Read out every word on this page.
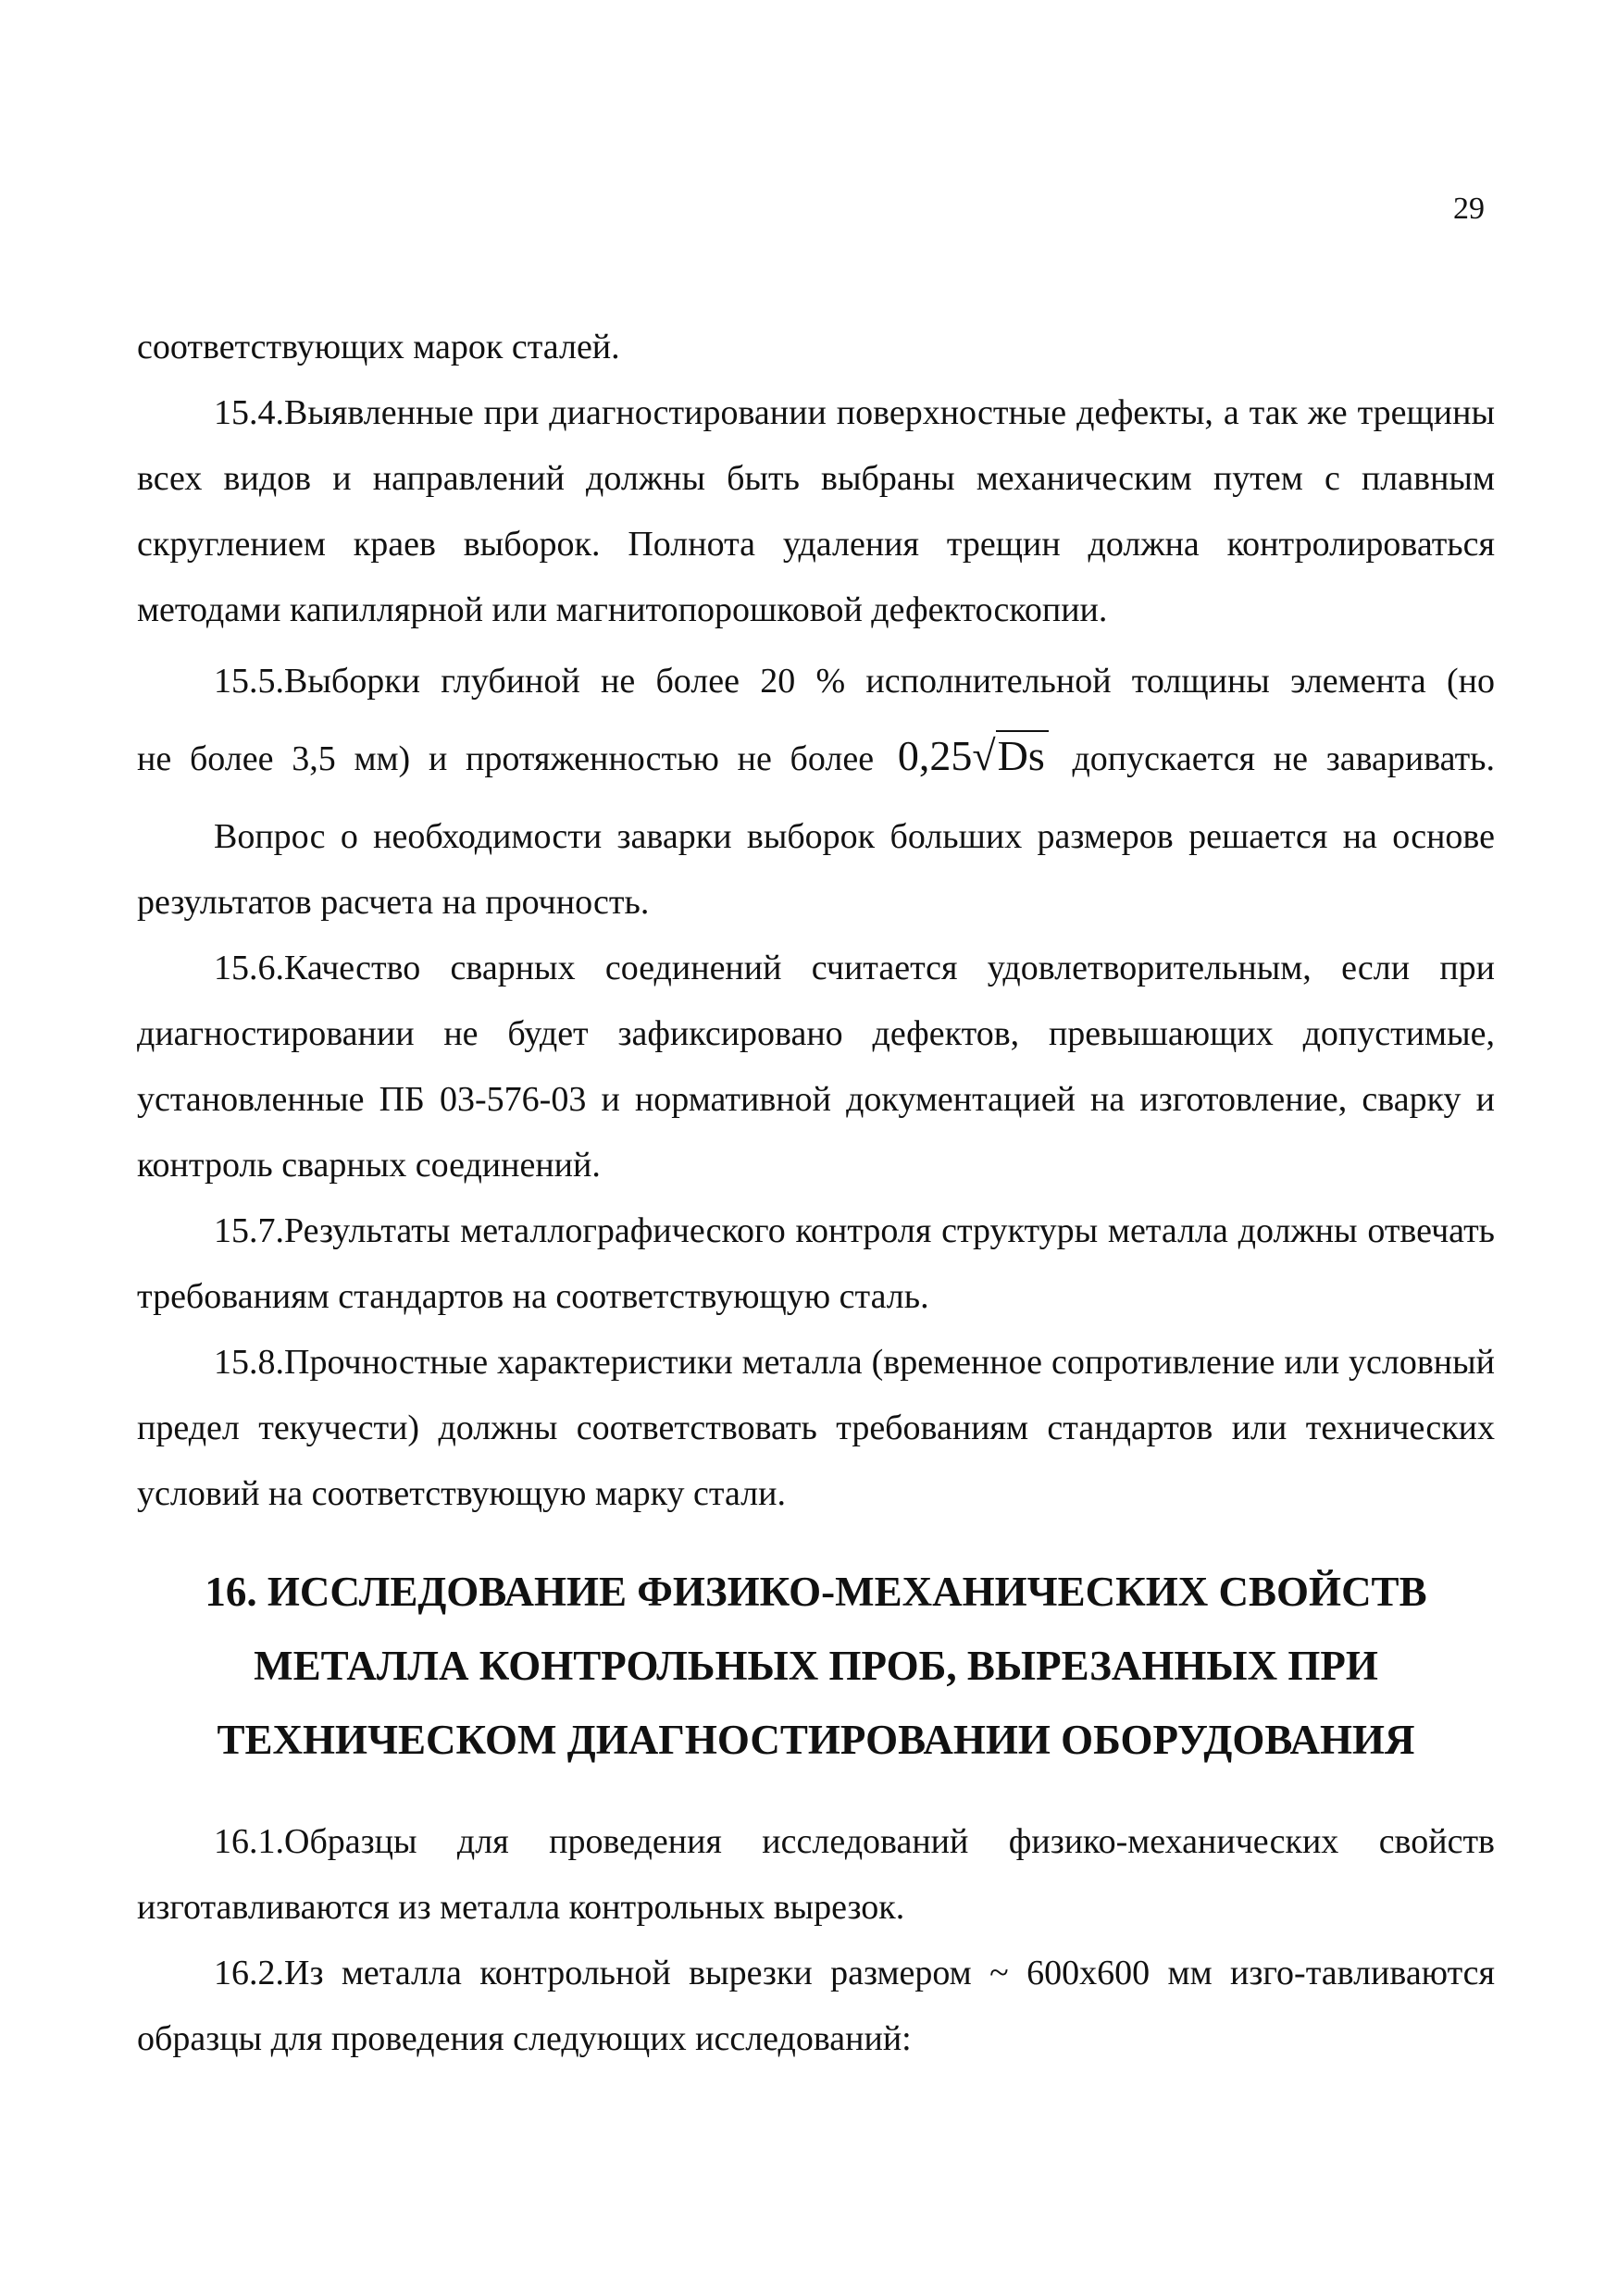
29

соответствующих марок сталей.

15.4.Выявленные при диагностировании поверхностные дефекты, а так же трещины всех видов и направлений должны быть выбраны механическим путем с плавным скруглением краев выборок. Полнота удаления трещин должна контролироваться методами капиллярной или магнитопорошковой дефектоскопии.

15.5.Выборки глубиной не более 20 % исполнительной толщины элемента (но
не более 3,5 мм) и протяженностью не более 0,25√Ds допускается не заваривать.

Вопрос о необходимости заварки выборок больших размеров решается на основе результатов расчета на прочность.

15.6.Качество сварных соединений считается удовлетворительным, если при диагностировании не будет зафиксировано дефектов, превышающих допустимые, установленные ПБ 03-576-03 и нормативной документацией на изготовление, сварку и контроль сварных соединений.

15.7.Результаты металлографического контроля структуры металла должны отвечать требованиям стандартов на соответствующую сталь.

15.8.Прочностные характеристики металла (временное сопротивление или условный предел текучести) должны соответствовать требованиям стандартов или технических условий на соответствующую марку стали.

16. ИССЛЕДОВАНИЕ ФИЗИКО-МЕХАНИЧЕСКИХ СВОЙСТВ
МЕТАЛЛА КОНТРОЛЬНЫХ ПРОБ, ВЫРЕЗАННЫХ ПРИ
ТЕХНИЧЕСКОМ ДИАГНОСТИРОВАНИИ ОБОРУДОВАНИЯ

16.1.Образцы для проведения исследований физико-механических свойств изготавливаются из металла контрольных вырезок.

16.2.Из металла контрольной вырезки размером ~ 600х600 мм изго-тавливаются образцы для проведения следующих исследований:
